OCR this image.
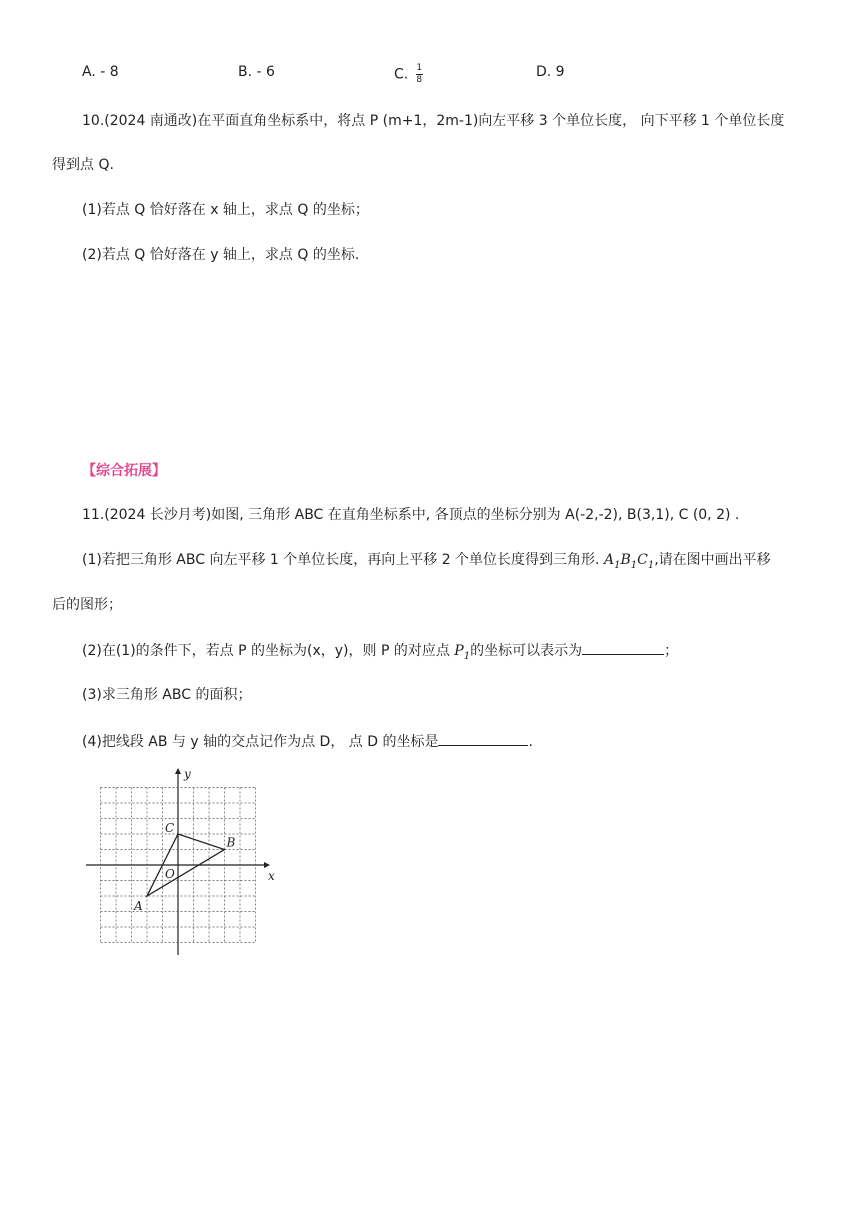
A. - 8	B. - 6	C. $\frac{1}{8}$	D. 9
10.(2024 南通改)在平面直角坐标系中，将点 P (m+1，2m-1)向左平移 3 个单位长度， 向下平移 1 个单位长度
得到点 Q.
(1)若点 Q 恰好落在 x 轴上，求点 Q 的坐标；
(2)若点 Q 恰好落在 y 轴上，求点 Q 的坐标.
【综合拓展】
11.(2024 长沙月考)如图, 三角形 ABC 在直角坐标系中, 各顶点的坐标分别为 A(-2,-2), B(3,1), C (0, 2) .
(1)若把三角形 ABC 向左平移 1 个单位长度，再向上平移 2 个单位长度得到三角形. $A_1B_1C_1$,请在图中画出平移
后的图形；
(2)在(1)的条件下，若点 P 的坐标为(x，y)，则 P 的对应点 $P_1$的坐标可以表示为	；
(3)求三角形 ABC 的面积；
(4)把线段 AB 与 y 轴的交点记作为点 D， 点 D 的坐标是	.
x
y
O
A
B
C
